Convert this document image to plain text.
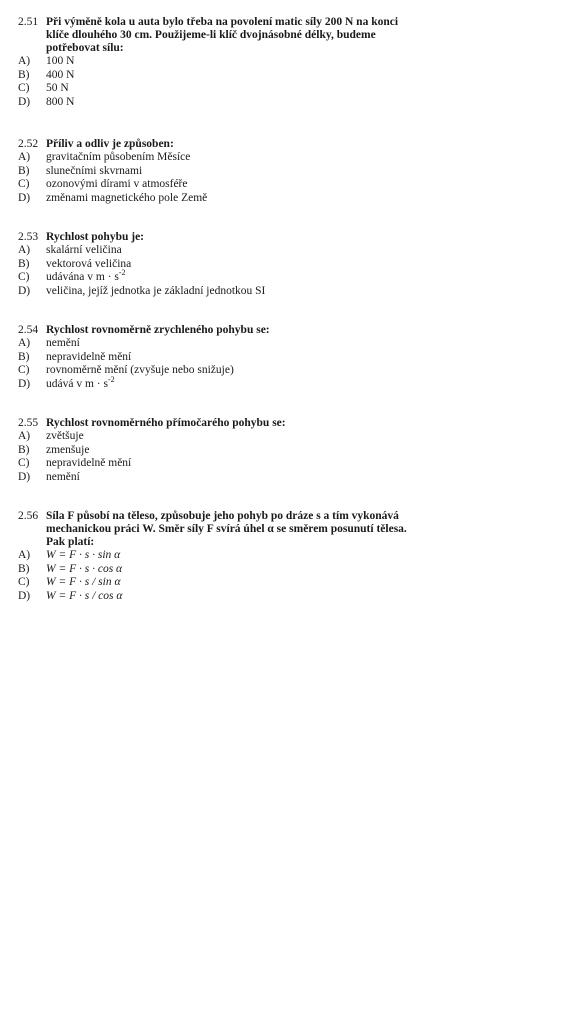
2.51 Při výměně kola u auta bylo třeba na povolení matic síly 200 N na konci klíče dlouhého 30 cm. Použijeme-li klíč dvojnásobné délky, budeme potřebovat sílu:
A)	100 N
B)	400 N
C)	50 N
D)	800 N
2.52 Příliv a odliv je způsoben:
A)	gravitačním působením Měsíce
B)	slunečními skvrnami
C)	ozonovými dírami v atmosféře
D)	změnami magnetického pole Země
2.53 Rychlost pohybu je:
A)	skalární veličina
B)	vektorová veličina
C)	udávána v $m \cdot s^{-2}$
D)	veličina, jejíž jednotka je základní jednotkou SI
2.54 Rychlost rovnoměrně zrychleného pohybu se:
A)	nemění
B)	nepravidelně mění
C)	rovnoměrně mění (zvyšuje nebo snižuje)
D)	udává v $m \cdot s^{-2}$
2.55 Rychlost rovnoměrného přímočarého pohybu se:
A)	zvětšuje
B)	zmenšuje
C)	nepravidelně mění
D)	nemění
2.56 Síla F působí na těleso, způsobuje jeho pohyb po dráze s a tím vykonává mechanickou práci W. Směr síly F svírá úhel α se směrem posunutí tělesa. Pak platí:
A)	W = F · s · sin α
B)	W = F · s · cos α
C)	W = F · s / sin α
D)	W = F · s / cos α
